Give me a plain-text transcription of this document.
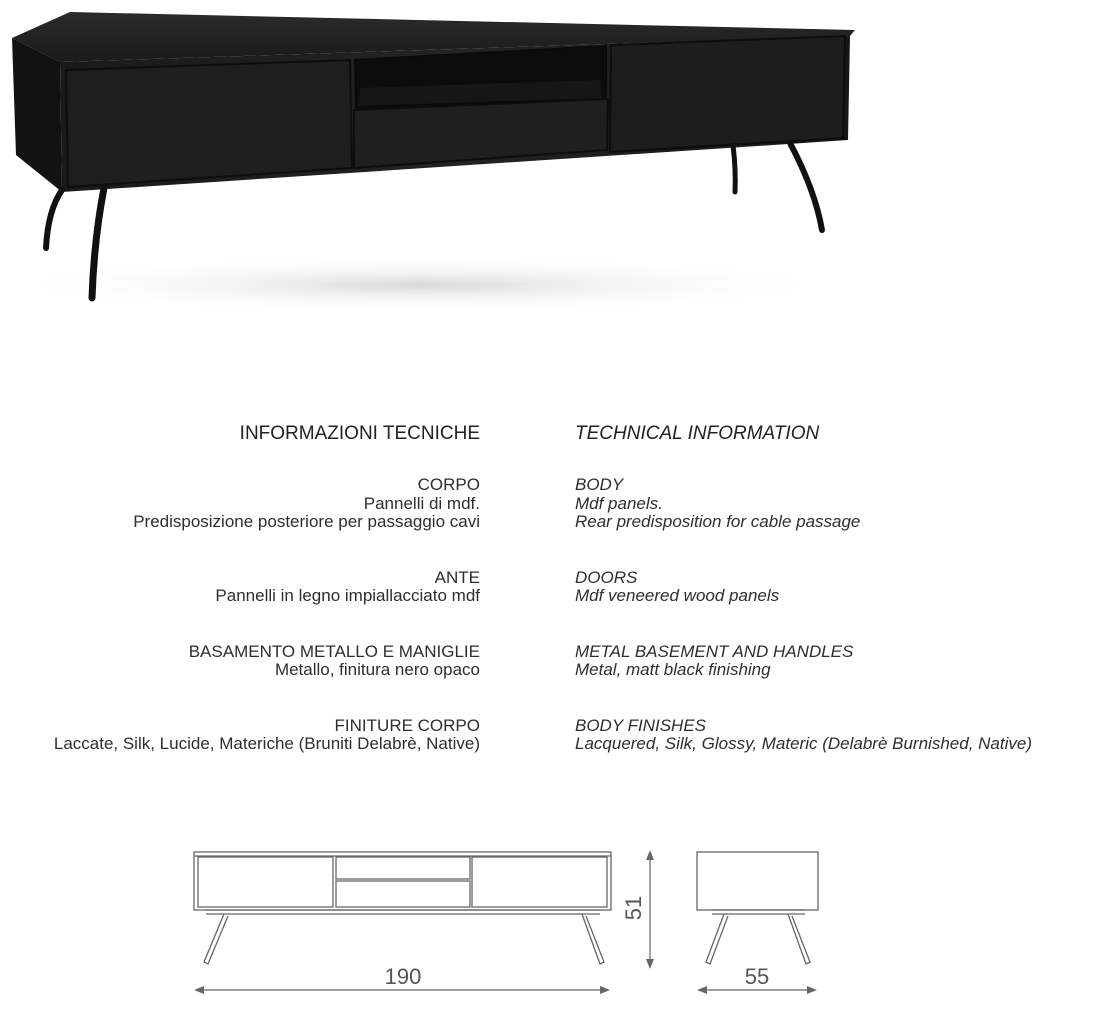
INFORMAZIONI TECNICHE
CORPO
Pannelli di mdf.
Predisposizione posteriore per passaggio cavi
ANTE
Pannelli in legno impiallacciato mdf
BASAMENTO METALLO E MANIGLIE
Metallo, finitura nero opaco
FINITURE CORPO
Laccate, Silk, Lucide, Materiche (Bruniti Delabrè, Native)
TECHNICAL INFORMATION
BODY
Mdf panels.
Rear predisposition for cable passage
DOORS
Mdf veneered wood panels
METAL BASEMENT AND HANDLES
Metal, matt black finishing
BODY FINISHES
Lacquered, Silk, Glossy, Materic (Delabrè Burnished, Native)
190	55
51
